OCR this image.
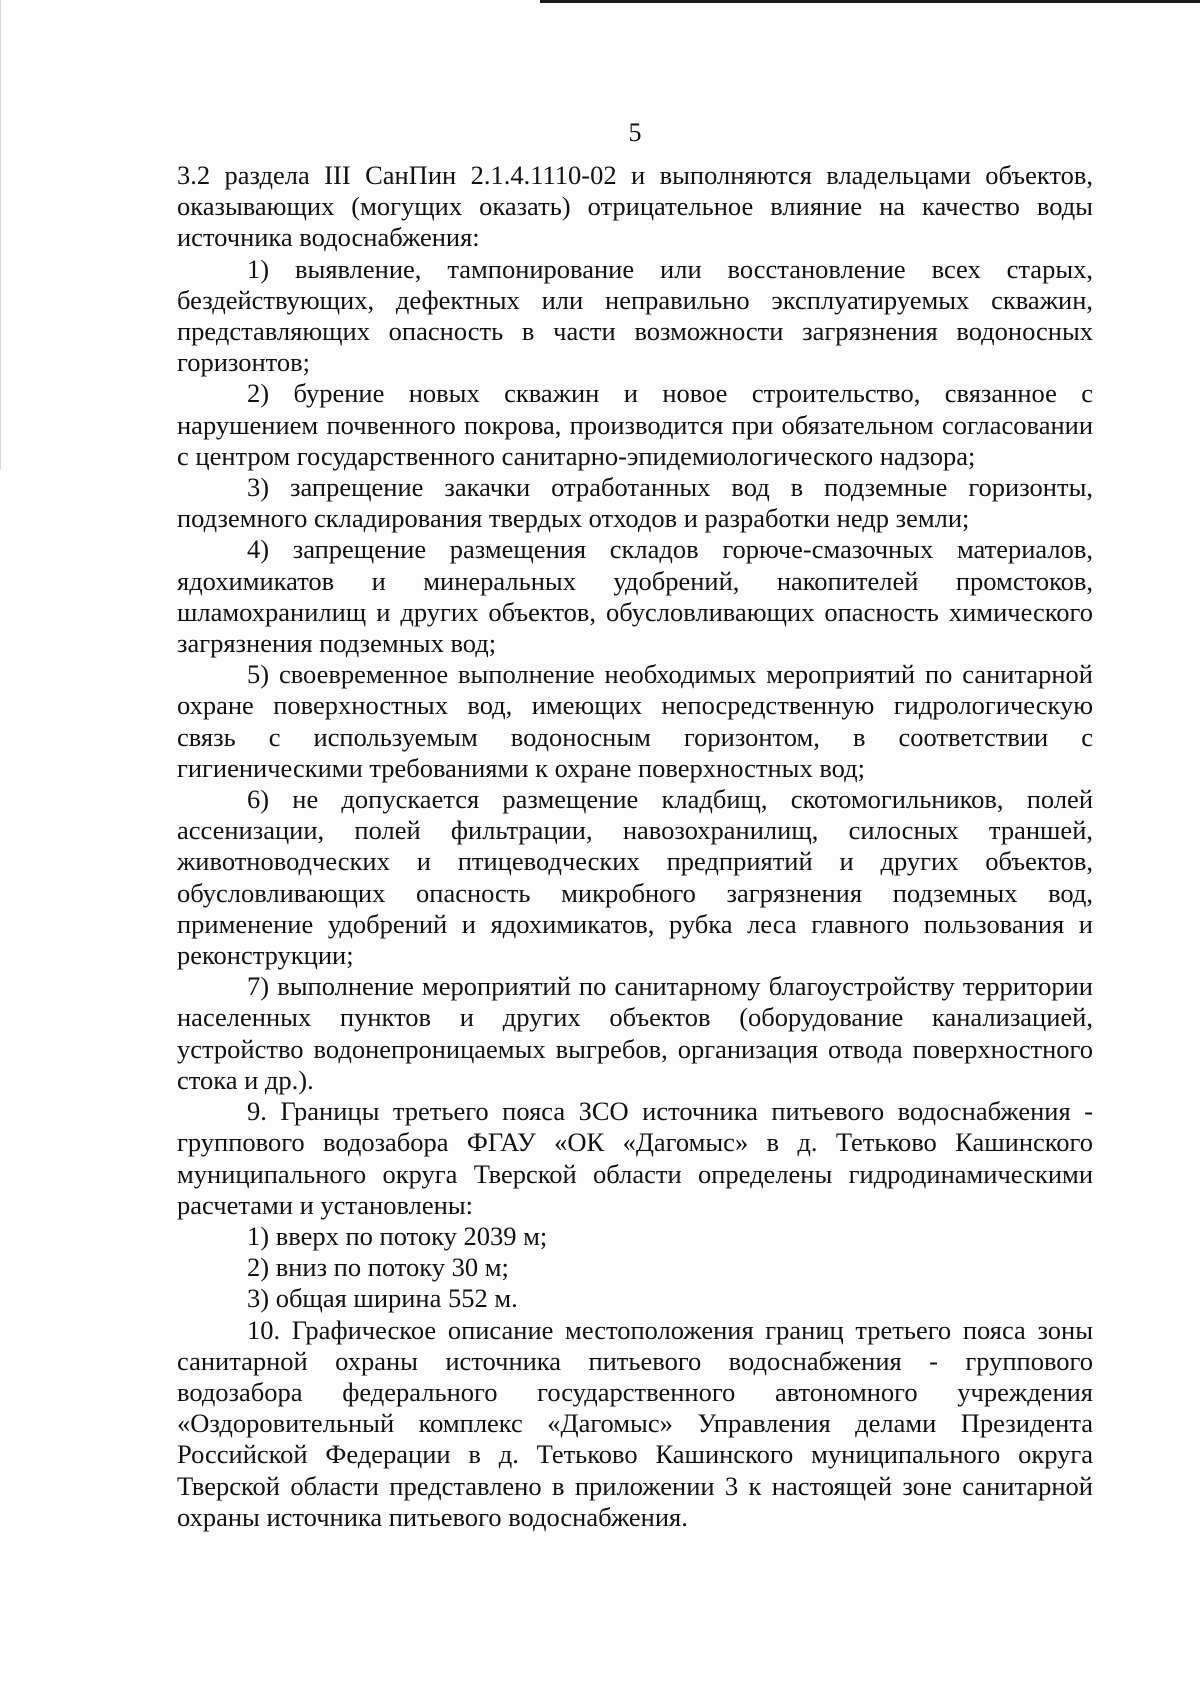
5

3.2 раздела III СанПин 2.1.4.1110-02 и выполняются владельцами объектов, оказывающих (могущих оказать) отрицательное влияние на качество воды источника водоснабжения:

1) выявление, тампонирование или восстановление всех старых, бездействующих, дефектных или неправильно эксплуатируемых скважин, представляющих опасность в части возможности загрязнения водоносных горизонтов;

2) бурение новых скважин и новое строительство, связанное с нарушением почвенного покрова, производится при обязательном согласовании с центром государственного санитарно-эпидемиологического надзора;

3) запрещение закачки отработанных вод в подземные горизонты, подземного складирования твердых отходов и разработки недр земли;

4) запрещение размещения складов горюче-смазочных материалов, ядохимикатов и минеральных удобрений, накопителей промстоков, шламохранилищ и других объектов, обусловливающих опасность химического загрязнения подземных вод;

5) своевременное выполнение необходимых мероприятий по санитарной охране поверхностных вод, имеющих непосредственную гидрологическую связь с используемым водоносным горизонтом, в соответствии с гигиеническими требованиями к охране поверхностных вод;

6) не допускается размещение кладбищ, скотомогильников, полей ассенизации, полей фильтрации, навозохранилищ, силосных траншей, животноводческих и птицеводческих предприятий и других объектов, обусловливающих опасность микробного загрязнения подземных вод, применение удобрений и ядохимикатов, рубка леса главного пользования и реконструкции;

7) выполнение мероприятий по санитарному благоустройству территории населенных пунктов и других объектов (оборудование канализацией, устройство водонепроницаемых выгребов, организация отвода поверхностного стока и др.).

9. Границы третьего пояса ЗСО источника питьевого водоснабжения - группового водозабора ФГАУ «ОК «Дагомыс» в д. Тетьково Кашинского муниципального округа Тверской области определены гидродинамическими расчетами и установлены:

1) вверх по потоку 2039 м;

2) вниз по потоку 30 м;

3) общая ширина 552 м.

10. Графическое описание местоположения границ третьего пояса зоны санитарной охраны источника питьевого водоснабжения - группового водозабора федерального государственного автономного учреждения «Оздоровительный комплекс «Дагомыс» Управления делами Президента Российской Федерации в д. Тетьково Кашинского муниципального округа Тверской области представлено в приложении 3 к настоящей зоне санитарной охраны источника питьевого водоснабжения.
